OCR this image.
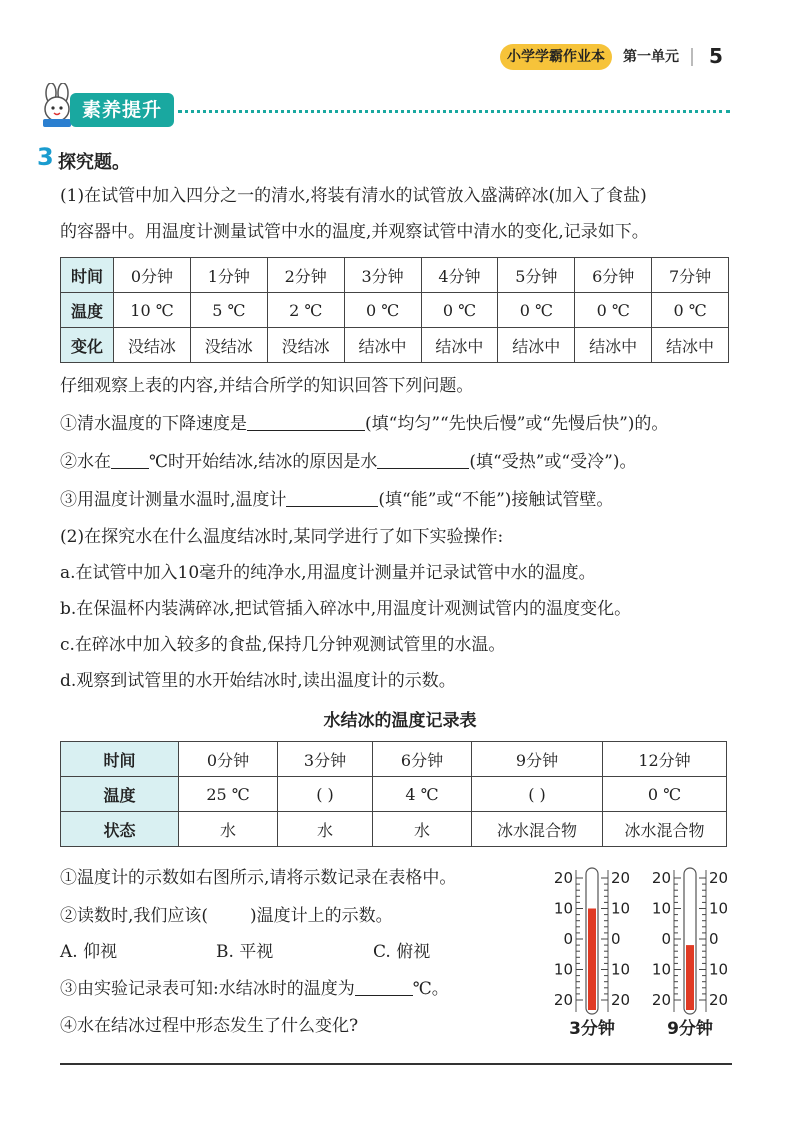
小学学霸作业本	第一单元 5
素养提升
3 探究题。
(1)在试管中加入四分之一的清水,将装有清水的试管放入盛满碎冰(加入了食盐)
的容器中。用温度计测量试管中水的温度,并观察试管中清水的变化,记录如下。
时间	0分钟	1分钟	2分钟	3分钟	4分钟	5分钟	6分钟	7分钟
温度	10 ℃	5 ℃	2 ℃	0 ℃	0 ℃	0 ℃	0 ℃	0 ℃
变化	没结冰	没结冰	没结冰	结冰中	结冰中	结冰中	结冰中	结冰中
仔细观察上表的内容,并结合所学的知识回答下列问题。
①清水温度的下降速度是	(填“均匀”“先快后慢”或“先慢后快”)的。
②水在 ℃时开始结冰,结冰的原因是水	(填“受热”或“受冷”)。
③用温度计测量水温时,温度计	(填“能”或“不能”)接触试管壁。
(2)在探究水在什么温度结冰时,某同学进行了如下实验操作:
a.在试管中加入10毫升的纯净水,用温度计测量并记录试管中水的温度。
b.在保温杯内装满碎冰,把试管插入碎冰中,用温度计观测试管内的温度变化。
c.在碎冰中加入较多的食盐,保持几分钟观测试管里的水温。
d.观察到试管里的水开始结冰时,读出温度计的示数。
水结冰的温度记录表
时间	0分钟	3分钟	6分钟	9分钟	12分钟
温度	25 ℃	( )	4 ℃	( )	0 ℃
状态	水	水	水	冰水混合物	冰水混合物
①温度计的示数如右图所示,请将示数记录在表格中。
②读数时,我们应该( )温度计上的示数。
A. 仰视	B. 平视	C. 俯视
③由实验记录表可知:水结冰时的温度为	℃。
④水在结冰过程中形态发生了什么变化?
20	20
10	10
0	0
10	10
20	20
3分钟
20	20
10	10
0	0
10	10
20	20
9分钟
